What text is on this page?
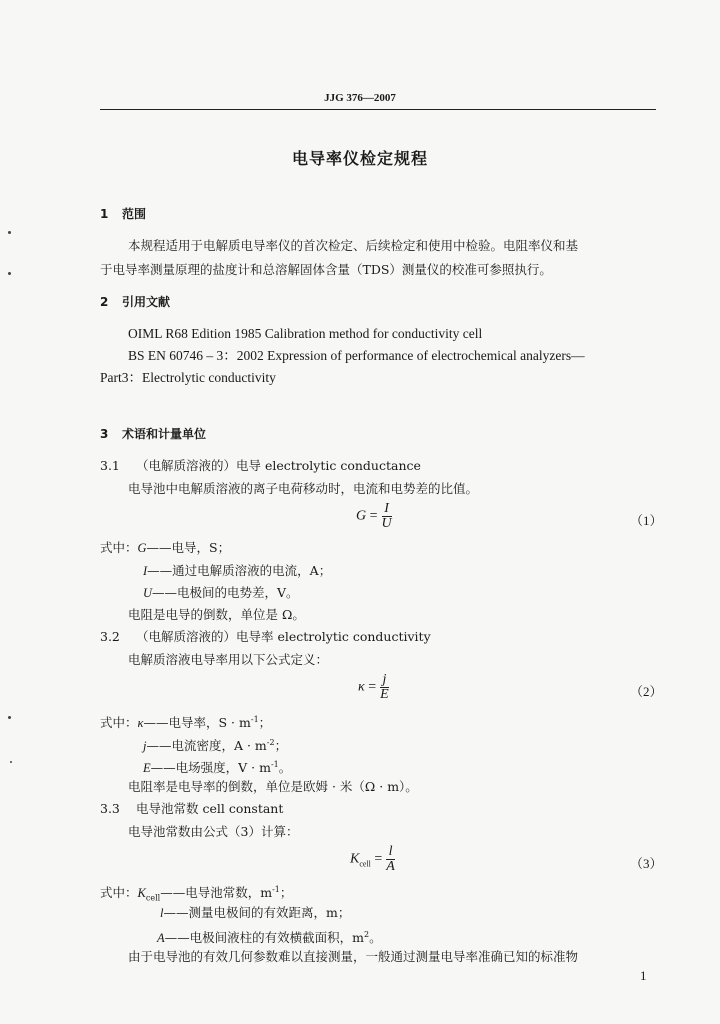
JJG 376—2007
电导率仪检定规程
1 范围
本规程适用于电解质电导率仪的首次检定、后续检定和使用中检验。电阻率仪和基
于电导率测量原理的盐度计和总溶解固体含量（TDS）测量仪的校准可参照执行。
2 引用文献
OIML R68 Edition 1985 Calibration method for conductivity cell
BS EN 60746 – 3：2002 Expression of performance of electrochemical analyzers—
Part3：Electrolytic conductivity
3 术语和计量单位
3.1 （电解质溶液的）电导 electrolytic conductance
电导池中电解质溶液的离子电荷移动时，电流和电势差的比值。
$G = \frac{I}{U}$	（1）
式中：G——电导，S；
I——通过电解质溶液的电流，A；
U——电极间的电势差，V。
电阻是电导的倒数，单位是 Ω。
3.2 （电解质溶液的）电导率 electrolytic conductivity
电解质溶液电导率用以下公式定义：
$\kappa = \frac{j}{E}$	（2）
式中：κ——电导率，$S \cdot m^{-1}$；
j——电流密度，$A \cdot m^{-2}$；
E——电场强度，$V \cdot m^{-1}$。
电阻率是电导率的倒数，单位是欧姆 · 米（Ω · m）。
3.3 电导池常数 cell constant
电导池常数由公式（3）计算：
$K_{cell} = \frac{l}{A}$	（3）
式中：$K_{cell}——$电导池常数，$m^{-1}$；
l——测量电极间的有效距离，m；
A——电极间液柱的有效横截面积，$m^2$。
由于电导池的有效几何参数难以直接测量，一般通过测量电导率准确已知的标准物
1
